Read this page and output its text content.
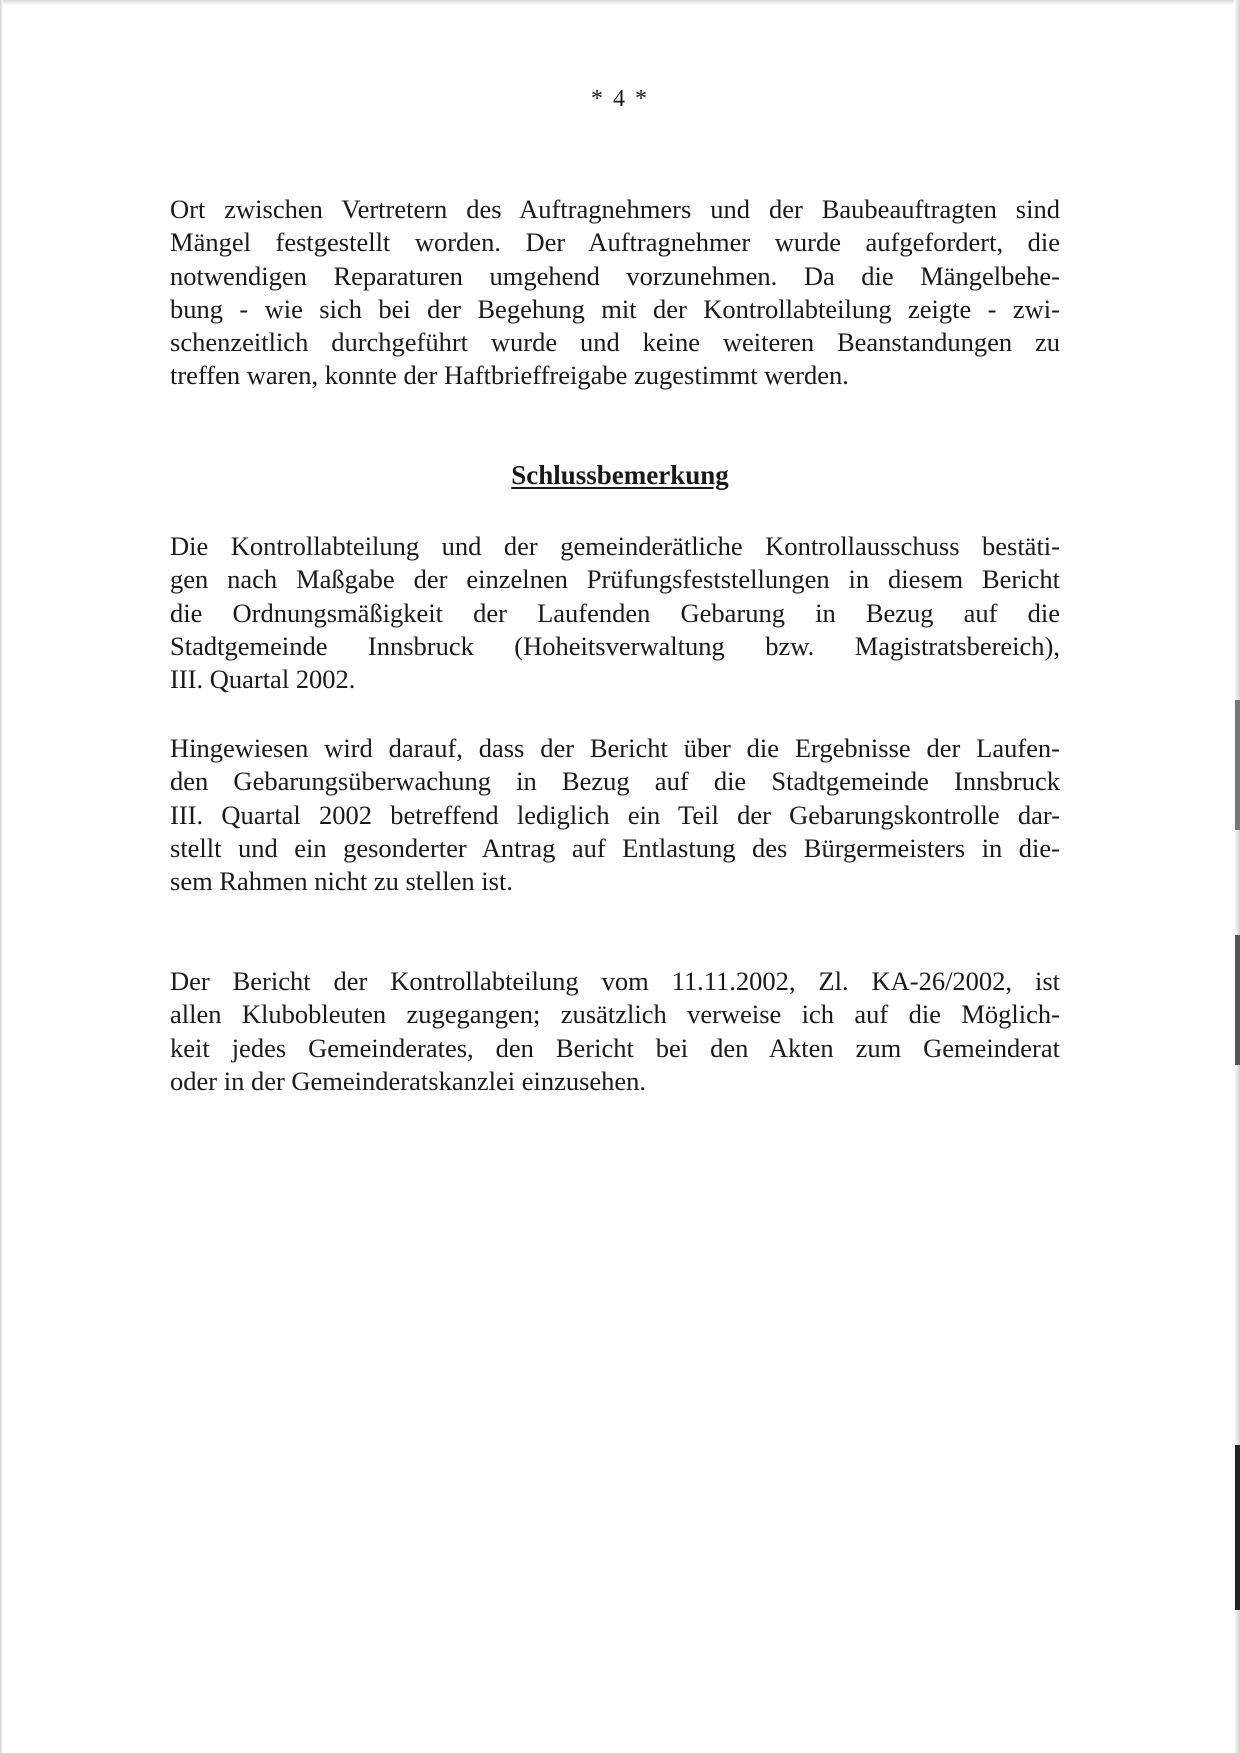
* 4 *
Ort zwischen Vertretern des Auftragnehmers und der Baubeauftragten sind
Mängel festgestellt worden. Der Auftragnehmer wurde aufgefordert, die
notwendigen Reparaturen umgehend vorzunehmen. Da die Mängelbehe-
bung - wie sich bei der Begehung mit der Kontrollabteilung zeigte - zwi-
schenzeitlich durchgeführt wurde und keine weiteren Beanstandungen zu
treffen waren, konnte der Haftbrieffreigabe zugestimmt werden.
Schlussbemerkung
Die Kontrollabteilung und der gemeinderätliche Kontrollausschuss bestäti-
gen nach Maßgabe der einzelnen Prüfungsfeststellungen in diesem Bericht
die Ordnungsmäßigkeit der Laufenden Gebarung in Bezug auf die
Stadtgemeinde Innsbruck (Hoheitsverwaltung bzw. Magistratsbereich),
III. Quartal 2002.
Hingewiesen wird darauf, dass der Bericht über die Ergebnisse der Laufen-
den Gebarungsüberwachung in Bezug auf die Stadtgemeinde Innsbruck
III. Quartal 2002 betreffend lediglich ein Teil der Gebarungskontrolle dar-
stellt und ein gesonderter Antrag auf Entlastung des Bürgermeisters in die-
sem Rahmen nicht zu stellen ist.
Der Bericht der Kontrollabteilung vom 11.11.2002, Zl. KA-26/2002, ist
allen Klubobleuten zugegangen; zusätzlich verweise ich auf die Möglich-
keit jedes Gemeinderates, den Bericht bei den Akten zum Gemeinderat
oder in der Gemeinderatskanzlei einzusehen.
